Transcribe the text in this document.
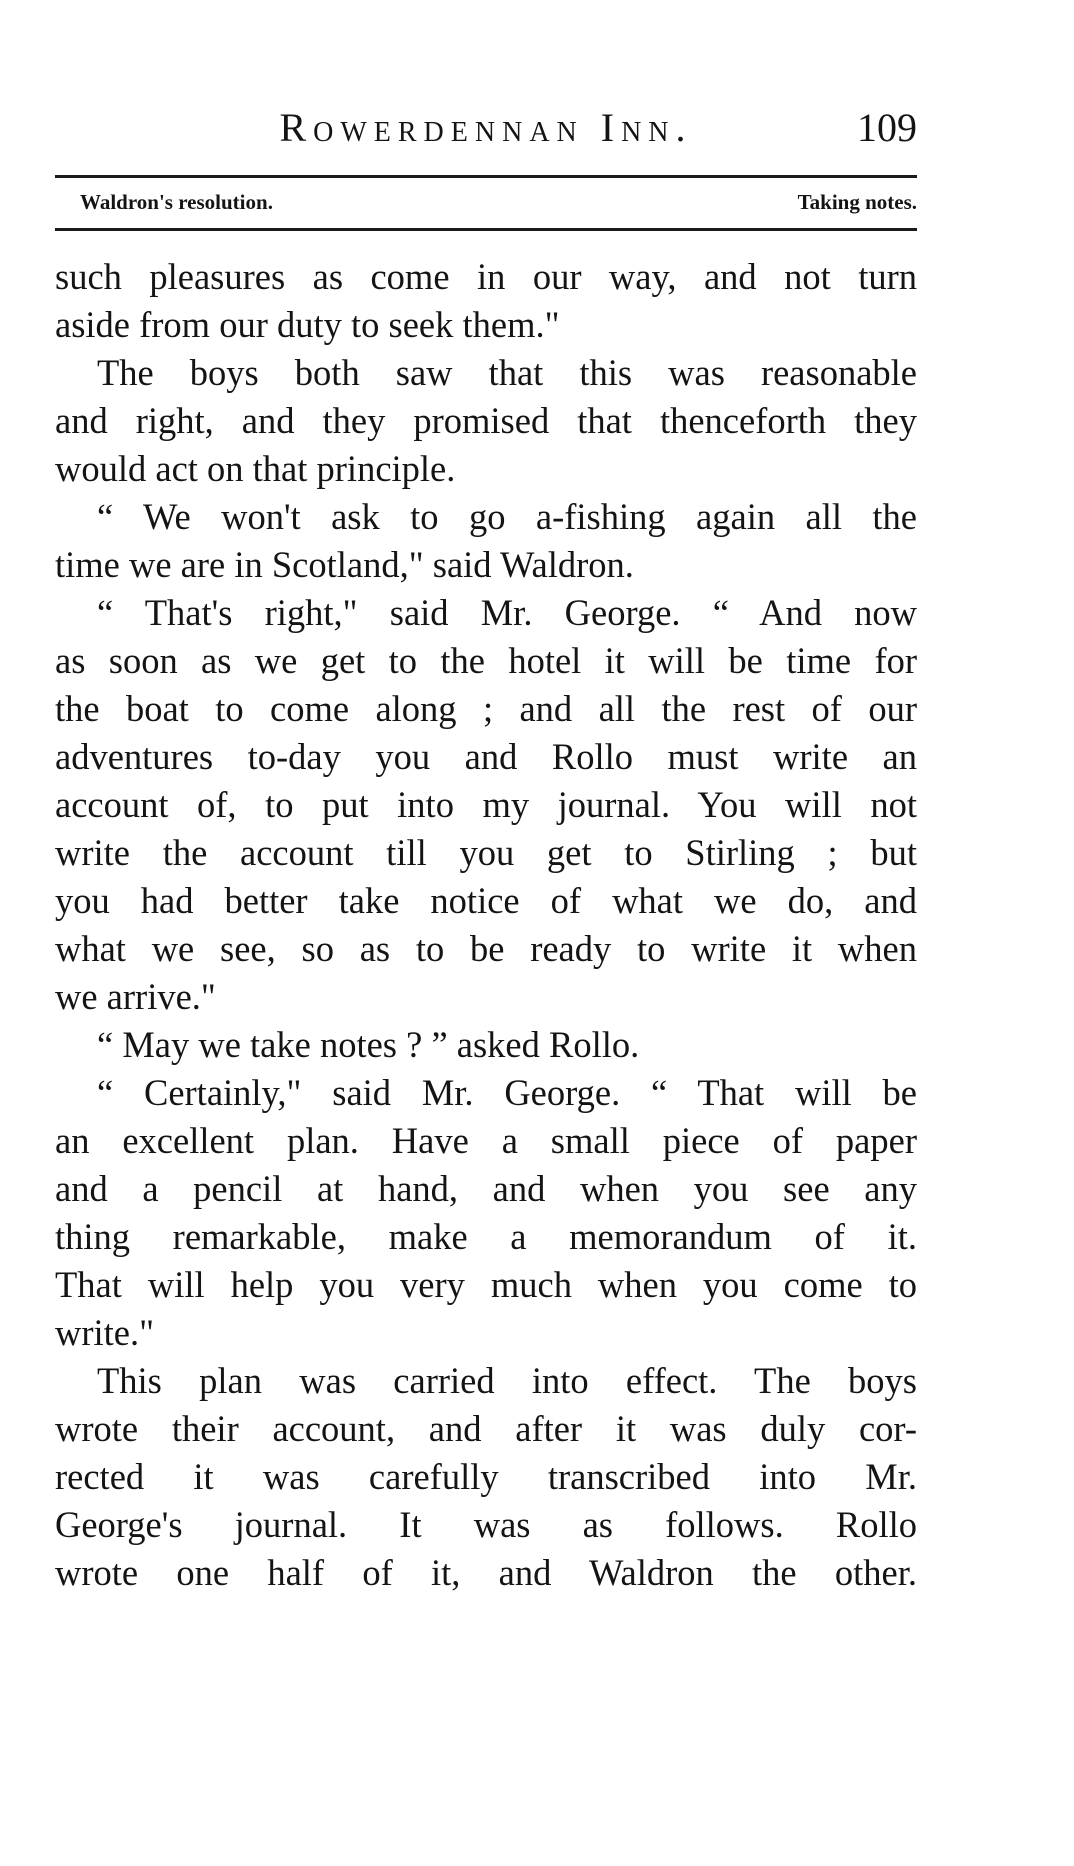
Rowerdennan Inn.	109
Waldron's resolution.	Taking notes.
such pleasures as come in our way, and not turn
aside from our duty to seek them."
The boys both saw that this was reasonable
and right, and they promised that thenceforth they
would act on that principle.
“ We won't ask to go a-fishing again all the
time we are in Scotland," said Waldron.
“ That's right," said Mr. George. “ And now
as soon as we get to the hotel it will be time for
the boat to come along ; and all the rest of our
adventures to-day you and Rollo must write an
account of, to put into my journal. You will not
write the account till you get to Stirling ; but
you had better take notice of what we do, and
what we see, so as to be ready to write it when
we arrive."
“ May we take notes ? ” asked Rollo.
“ Certainly," said Mr. George. “ That will be
an excellent plan. Have a small piece of paper
and a pencil at hand, and when you see any
thing remarkable, make a memorandum of it.
That will help you very much when you come to
write."
This plan was carried into effect. The boys
wrote their account, and after it was duly cor-
rected it was carefully transcribed into Mr.
George's journal. It was as follows. Rollo
wrote one half of it, and Waldron the other.
